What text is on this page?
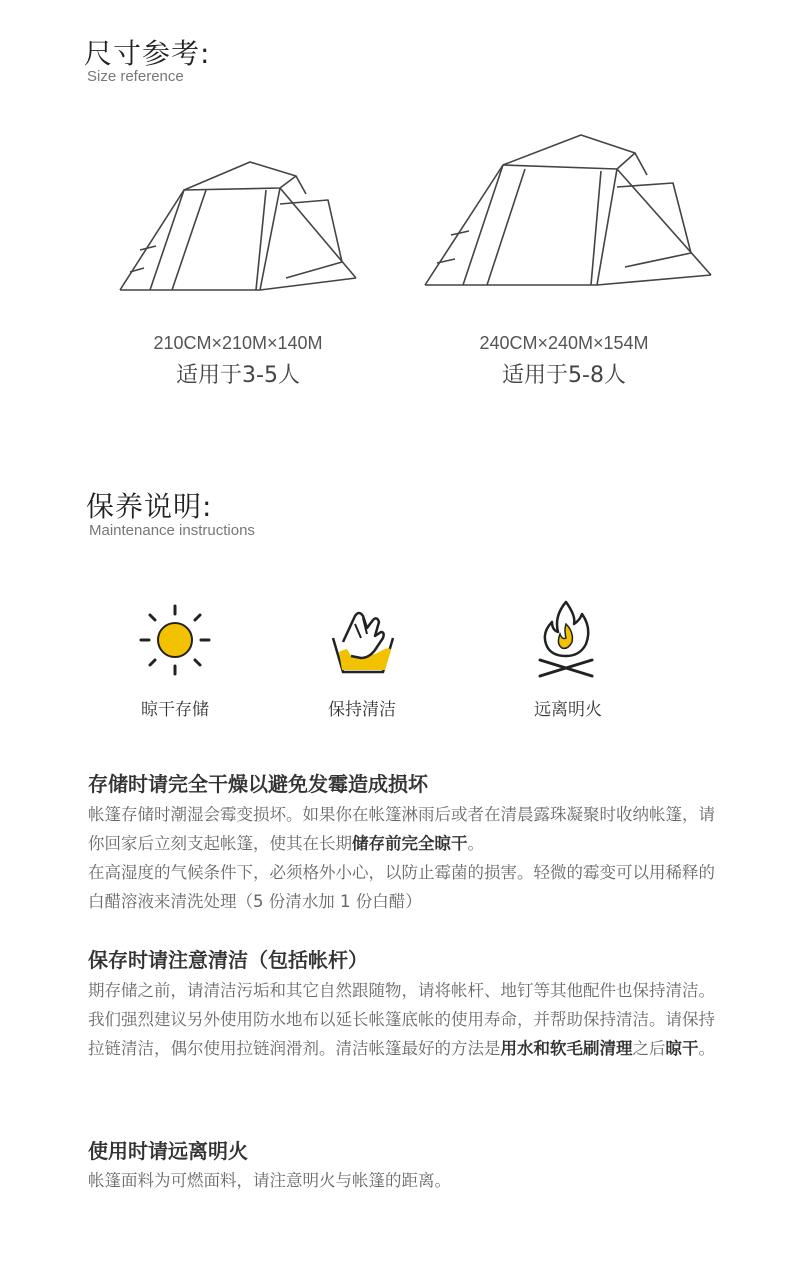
尺寸参考:
Size reference
210CM×210M×140M
适用于3-5人
240CM×240M×154M
适用于5-8人
保养说明:
Maintenance instructions
晾干存储	保持清洁	远离明火
存储时请完全干燥以避免发霉造成损坏
帐篷存储时潮湿会霉变损坏。如果你在帐篷淋雨后或者在清晨露珠凝聚时收纳帐篷，请你回家后立刻支起帐篷，使其在长期储存前完全晾干。
在高湿度的气候条件下，必须格外小心，以防止霉菌的损害。轻微的霉变可以用稀释的白醋溶液来清洗处理（5 份清水加 1 份白醋）
保存时请注意清洁（包括帐杆）
期存储之前，请清洁污垢和其它自然跟随物，请将帐杆、地钉等其他配件也保持清洁。我们强烈建议另外使用防水地布以延长帐篷底帐的使用寿命，并帮助保持清洁。请保持拉链清洁，偶尔使用拉链润滑剂。清洁帐篷最好的方法是用水和软毛刷清理之后晾干。
使用时请远离明火
帐篷面料为可燃面料，请注意明火与帐篷的距离。
